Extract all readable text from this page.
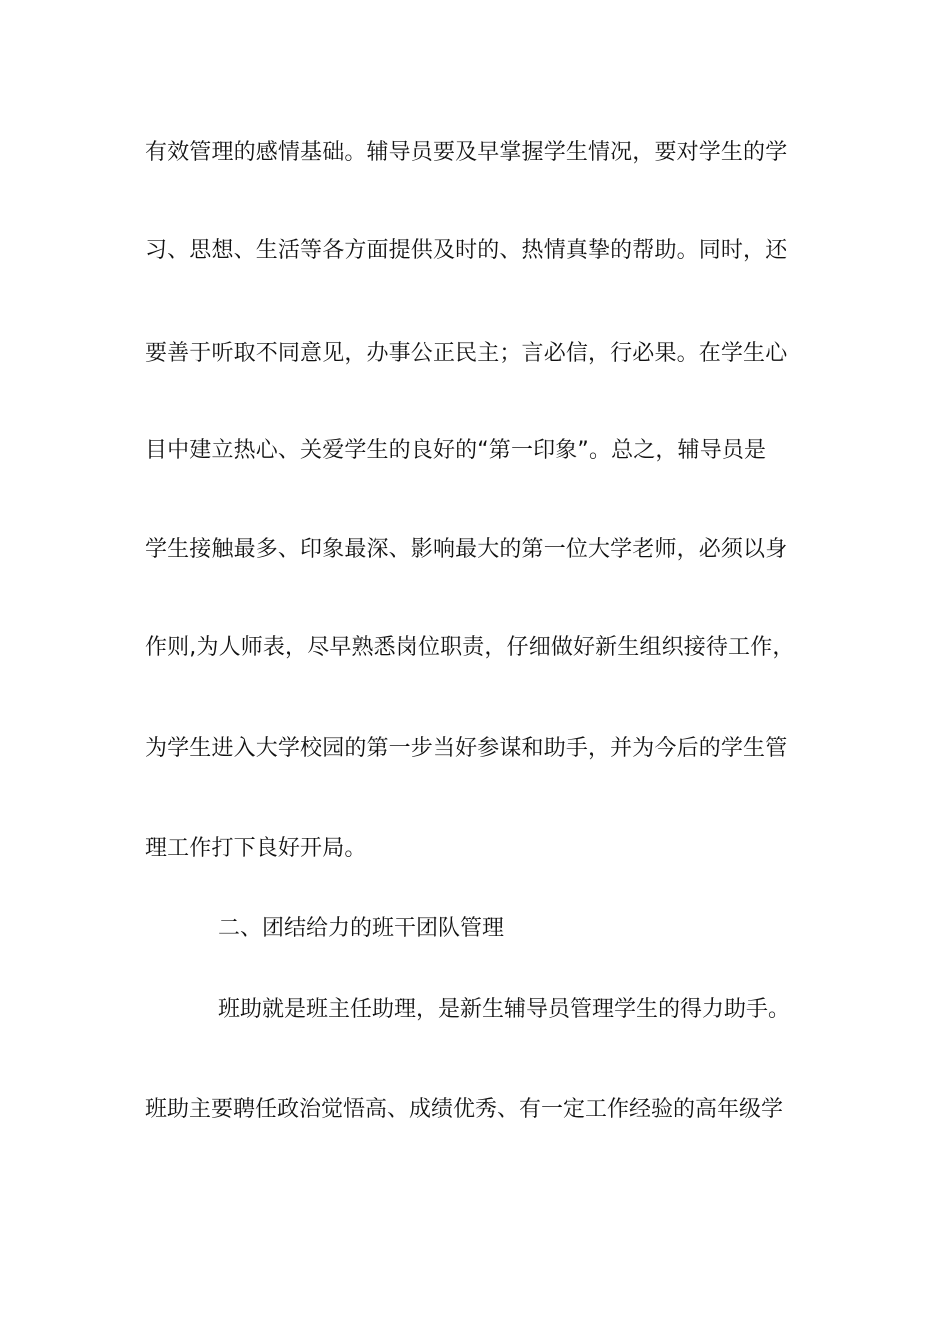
有效管理的感情基础。辅导员要及早掌握学生情况，要对学生的学
习、思想、生活等各方面提供及时的、热情真挚的帮助。同时，还
要善于听取不同意见，办事公正民主；言必信，行必果。在学生心
目中建立热心、关爱学生的良好的“第一印象”。总之，辅导员是
学生接触最多、印象最深、影响最大的第一位大学老师，必须以身
作则,为人师表，尽早熟悉岗位职责，仔细做好新生组织接待工作，
为学生进入大学校园的第一步当好参谋和助手，并为今后的学生管
理工作打下良好开局。
二、团结给力的班干团队管理
班助就是班主任助理，是新生辅导员管理学生的得力助手。
班助主要聘任政治觉悟高、成绩优秀、有一定工作经验的高年级学
